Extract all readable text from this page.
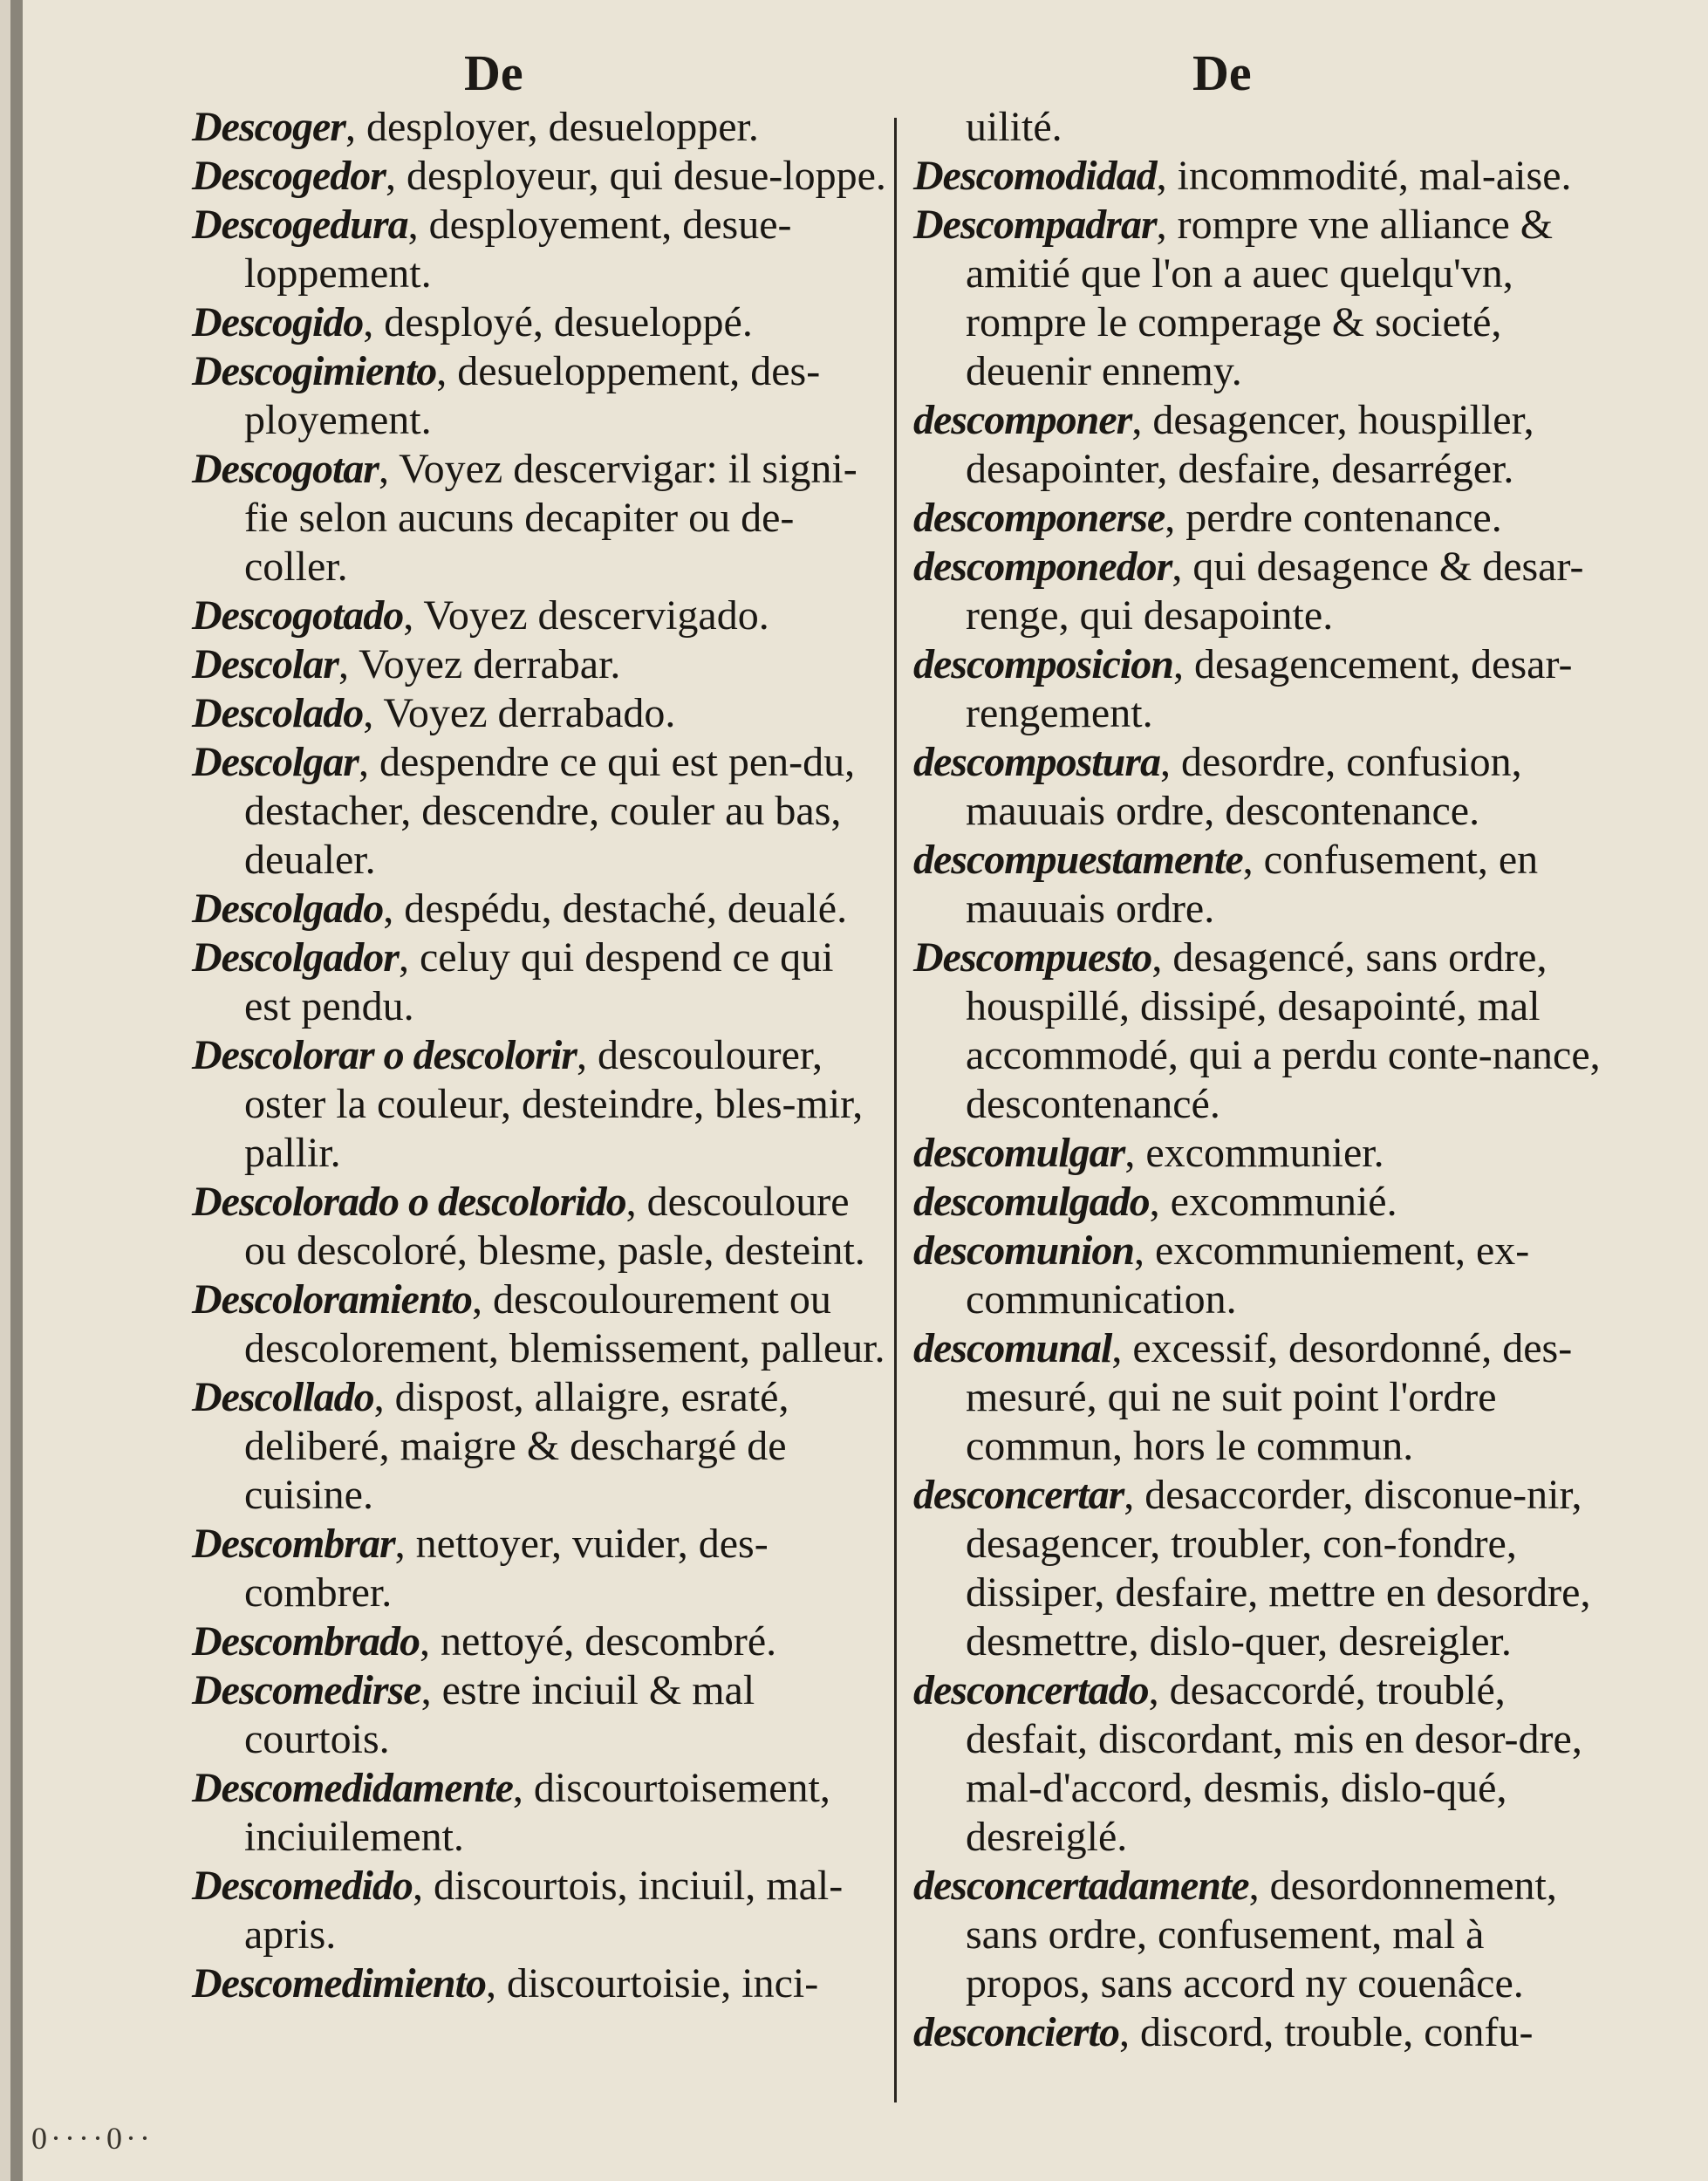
De	De

Descoger, desployer, desuelopper.

Descogedor, desployeur, qui desue-loppe.

Descogedura, desployement, desue-loppement.

Descogido, desployé, desueloppé.

Descogimiento, desueloppement, des-ployement.

Descogotar, Voyez descervigar: il signi-fie selon aucuns decapiter ou de-coller.

Descogotado, Voyez descervigado.

Descolar, Voyez derrabar.

Descolado, Voyez derrabado.

Descolgar, despendre ce qui est pen-du, destacher, descendre, couler au bas, deualer.

Descolgado, despédu, destaché, deualé.

Descolgador, celuy qui despend ce qui est pendu.

Descolorar o descolorir, descoulourer, oster la couleur, desteindre, bles-mir, pallir.

Descolorado o descolorido, descouloure ou descoloré, blesme, pasle, desteint.

Descoloramiento, descoulourement ou descolorement, blemissement, palleur.

Descollado, dispost, allaigre, esraté, deliberé, maigre & deschargé de cuisine.

Descombrar, nettoyer, vuider, des-combrer.

Descombrado, nettoyé, descombré.

Descomedirse, estre inciuil & mal courtois.

Descomedidamente, discourtoisement, inciuilement.

Descomedido, discourtois, inciuil, mal-apris.

Descomedimiento, discourtoisie, inci-

uilité.

Descomodidad, incommodité, mal-aise.

Descompadrar, rompre vne alliance & amitié que l'on a auec quelqu'vn, rompre le comperage & societé, deuenir ennemy.

descomponer, desagencer, houspiller, desapointer, desfaire, desarréger.

descomponerse, perdre contenance.

descomponedor, qui desagence & desar-renge, qui desapointe.

descomposicion, desagencement, desar-rengement.

descompostura, desordre, confusion, mauuais ordre, descontenance.

descompuestamente, confusement, en mauuais ordre.

Descompuesto, desagencé, sans ordre, houspillé, dissipé, desapointé, mal accommodé, qui a perdu conte-nance, descontenancé.

descomulgar, excommunier.

descomulgado, excommunié.

descomunion, excommuniement, ex-communication.

descomunal, excessif, desordonné, des-mesuré, qui ne suit point l'ordre commun, hors le commun.

desconcertar, desaccorder, disconue-nir, desagencer, troubler, con-fondre, dissiper, desfaire, mettre en desordre, desmettre, dislo-quer, desreigler.

desconcertado, desaccordé, troublé, desfait, discordant, mis en desor-dre, mal-d'accord, desmis, dislo-qué, desreiglé.

desconcertadamente, desordonnement, sans ordre, confusement, mal à propos, sans accord ny couenâce.

desconcierto, discord, trouble, confu-

0····0··
